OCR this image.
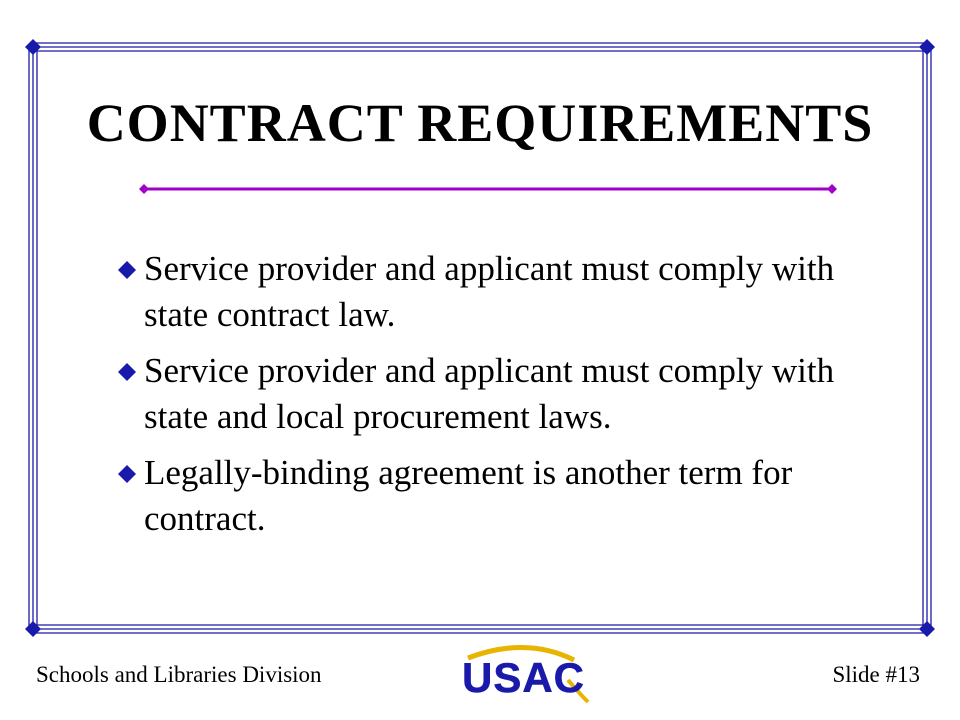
CONTRACT REQUIREMENTS
Service provider and applicant must comply with state contract law.
Service provider and applicant must comply with state and local procurement laws.
Legally-binding agreement is another term for contract.
Schools and Libraries Division	USAC	Slide #13
